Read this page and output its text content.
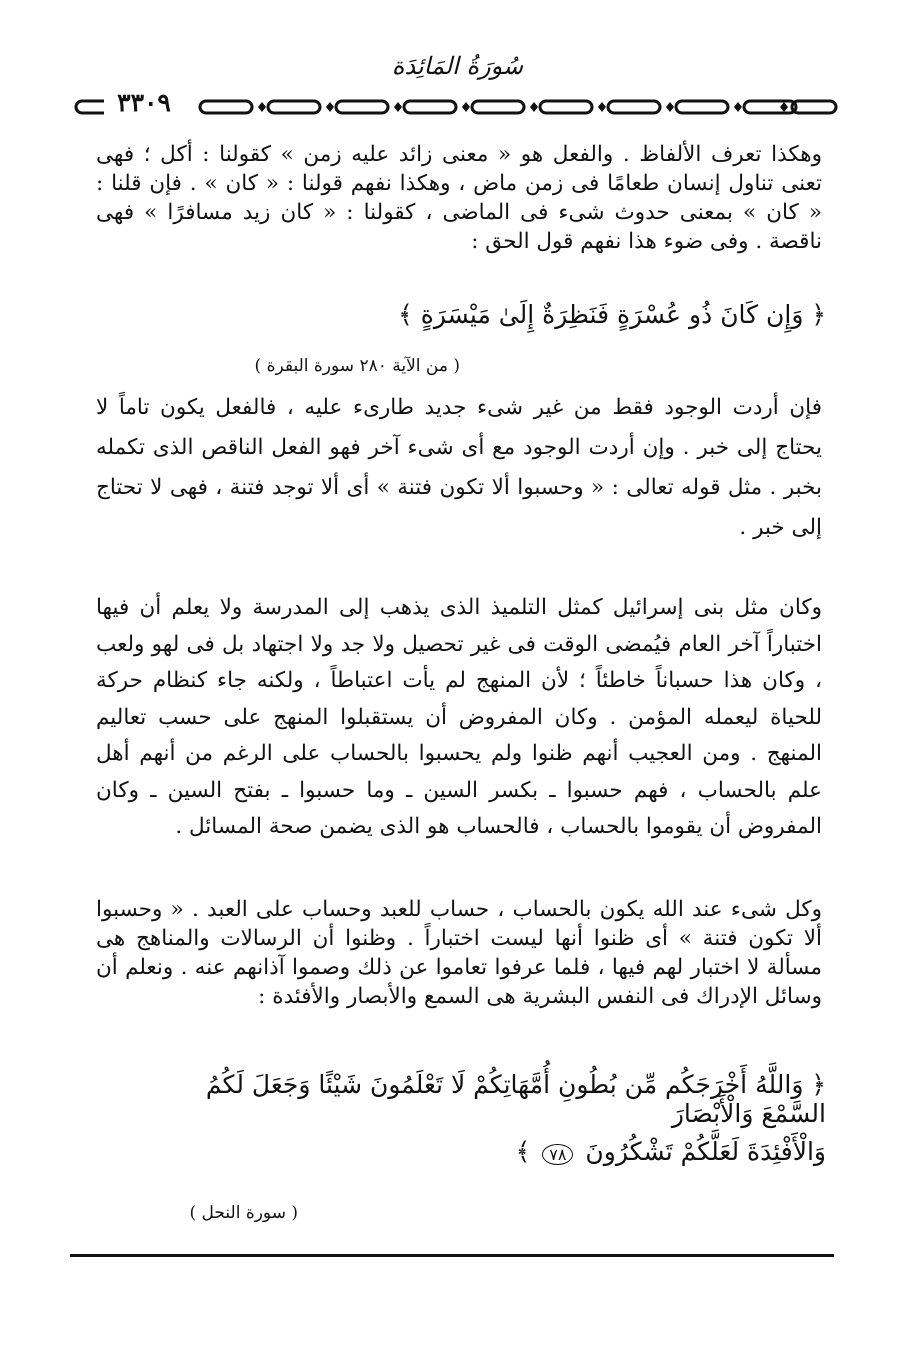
سُورَةُ المَائِدَة
٣٣٠٩

وهكذا تعرف الألفاظ . والفعل هو « معنى زائد عليه زمن » كقولنا : أكل ؛ فهى تعنى تناول إنسان طعامًا فى زمن ماض ، وهكذا نفهم قولنا : « كان » . فإن قلنا : « كان » بمعنى حدوث شىء فى الماضى ، كقولنا : « كان زيد مسافرًا » فهى ناقصة . وفى ضوء هذا نفهم قول الحق :

﴿ وَإِن كَانَ ذُو عُسْرَةٍ فَنَظِرَةٌ إِلَىٰ مَيْسَرَةٍ ﴾
( من الآية ٢٨٠ سورة البقرة )

فإن أردت الوجود فقط من غير شىء جديد طارىء عليه ، فالفعل يكون تاماً لا يحتاج إلى خبر . وإن أردت الوجود مع أى شىء آخر فهو الفعل الناقص الذى تكمله بخبر . مثل قوله تعالى : « وحسبوا ألا تكون فتنة » أى ألا توجد فتنة ، فهى لا تحتاج إلى خبر .

وكان مثل بنى إسرائيل كمثل التلميذ الذى يذهب إلى المدرسة ولا يعلم أن فيها اختباراً آخر العام فيُمضى الوقت فى غير تحصيل ولا جد ولا اجتهاد بل فى لهو ولعب ، وكان هذا حسباناً خاطئاً ؛ لأن المنهج لم يأت اعتباطاً ، ولكنه جاء كنظام حركة للحياة ليعمله المؤمن . وكان المفروض أن يستقبلوا المنهج على حسب تعاليم المنهج . ومن العجيب أنهم ظنوا ولم يحسبوا بالحساب على الرغم من أنهم أهل علم بالحساب ، فهم حسبوا ـ بكسر السين ـ وما حسبوا ـ بفتح السين ـ وكان المفروض أن يقوموا بالحساب ، فالحساب هو الذى يضمن صحة المسائل .

وكل شىء عند الله يكون بالحساب ، حساب للعبد وحساب على العبد . « وحسبوا ألا تكون فتنة » أى ظنوا أنها ليست اختباراً . وظنوا أن الرسالات والمناهج هى مسألة لا اختبار لهم فيها ، فلما عرفوا تعاموا عن ذلك وصموا آذانهم عنه . ونعلم أن وسائل الإدراك فى النفس البشرية هى السمع والأبصار والأفئدة :

﴿ وَاللَّهُ أَخْرَجَكُم مِّن بُطُونِ أُمَّهَاتِكُمْ لَا تَعْلَمُونَ شَيْئًا وَجَعَلَ لَكُمُ السَّمْعَ وَالْأَبْصَارَ
وَالْأَفْئِدَةَ لَعَلَّكُمْ تَشْكُرُونَ ٧٨ ﴾
( سورة النحل )
